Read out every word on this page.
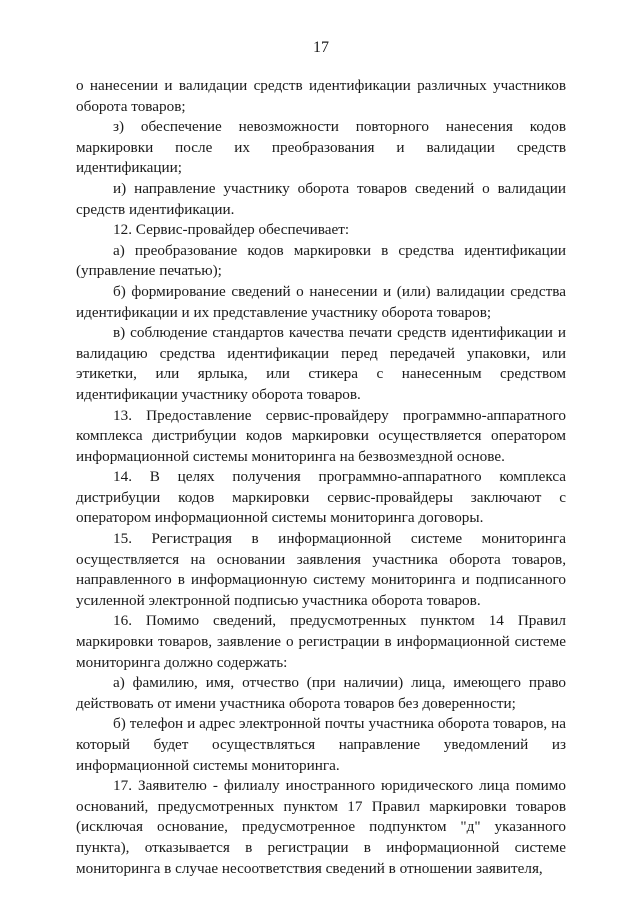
17

о нанесении и валидации средств идентификации различных участников оборота товаров;

з) обеспечение невозможности повторного нанесения кодов маркировки после их преобразования и валидации средств идентификации;

и) направление участнику оборота товаров сведений о валидации средств идентификации.

12. Сервис-провайдер обеспечивает:

а) преобразование кодов маркировки в средства идентификации (управление печатью);

б) формирование сведений о нанесении и (или) валидации средства идентификации и их представление участнику оборота товаров;

в) соблюдение стандартов качества печати средств идентификации и валидацию средства идентификации перед передачей упаковки, или этикетки, или ярлыка, или стикера с нанесенным средством идентификации участнику оборота товаров.

13. Предоставление сервис-провайдеру программно-аппаратного комплекса дистрибуции кодов маркировки осуществляется оператором информационной системы мониторинга на безвозмездной основе.

14. В целях получения программно-аппаратного комплекса дистрибуции кодов маркировки сервис-провайдеры заключают с оператором информационной системы мониторинга договоры.

15. Регистрация в информационной системе мониторинга осуществляется на основании заявления участника оборота товаров, направленного в информационную систему мониторинга и подписанного усиленной электронной подписью участника оборота товаров.

16. Помимо сведений, предусмотренных пунктом 14 Правил маркировки товаров, заявление о регистрации в информационной системе мониторинга должно содержать:

а) фамилию, имя, отчество (при наличии) лица, имеющего право действовать от имени участника оборота товаров без доверенности;

б) телефон и адрес электронной почты участника оборота товаров, на который будет осуществляться направление уведомлений из информационной системы мониторинга.

17. Заявителю - филиалу иностранного юридического лица помимо оснований, предусмотренных пунктом 17 Правил маркировки товаров (исключая основание, предусмотренное подпунктом "д" указанного пункта), отказывается в регистрации в информационной системе мониторинга в случае несоответствия сведений в отношении заявителя,
